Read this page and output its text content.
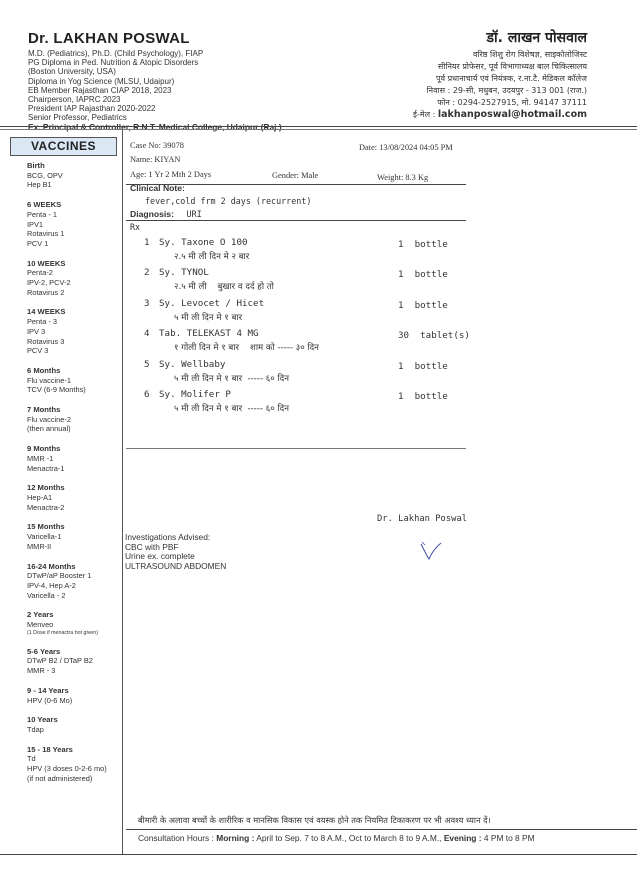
Dr. LAKHAN POSWAL
M.D. (Pediatrics), Ph.D. (Child Psychology), FIAP
PG Diploma in Ped. Nutrition & Atopic Disorders
(Boston University, USA)
Diploma in Yog Science (MLSU, Udaipur)
EB Member Rajasthan CIAP 2018, 2023
Chairperson, IAPRC 2023
President IAP Rajasthan 2020-2022
Senior Professor, Pediatrics
डॉ. लाखन पोसवाल
वरिष्ठ शिशु रोग विशेषज्ञ, साइकोलोजिस्ट
सीनियर प्रोफेसर, पूर्व विभागाध्यक्ष बाल चिकित्सालय
पूर्व प्रधानाचार्य एवं नियंत्रक, र.ना.टै. मेडिकल कॉलेज
निवास : 29-सी, मधुबन, उदयपुर - 313 001 (राज.)
फोन : 0294-2527915, मो. 94147 37111
ई-मेल : lakhanposwal@hotmail.com
VACCINES
Birth
BCG, OPV
Hep B1
6 WEEKS
Penta - 1
IPV1
Rotavirus 1
PCV 1
10 WEEKS
Penta-2
IPV-2, PCV-2
Rotavirus 2
14 WEEKS
Penta - 3
IPV 3
Rotavirus 3
PCV 3
6 Months
Flu vaccine-1
TCV (6-9 Months)
7 Months
Flu vaccine-2
(then annual)
9 Months
MMR -1
Menactra-1
12 Months
Hep-A1
Menactra-2
15 Months
Varicella-1
MMR-II
16-24 Months
DTwP/aP Booster 1
IPV-4, Hep A-2
Varicella - 2
2 Years
Menveo
(1 Dose if menactra hot given)
5-6 Years
DTwP B2 / DTaP B2
MMR - 3
9 - 14 Years
HPV (0-6 Mo)
10 Years
Tdap
15 - 18 Years
Td
HPV (3 doses 0-2-6 mo)
(if not administered)
Case No: 39078	Date: 13/08/2024 04:05 PM
Name: KIYAN
Age: 1 Yr 2 Mth 2 Days	Gender: Male	Weight: 8.3 Kg
Clinical Note:
fever,cold frm 2 days (recurrent)
Diagnosis: URI
Rx
1 Sy. Taxone O 100
२.५ मी ली दिन मे २ बार
1  bottle
2 Sy. TYNOL
२.५ मी ली    बुखार व दर्द हो तो
1  bottle
3 Sy. Levocet / Hicet
५ मी ली दिन मे १ बार
1  bottle
4 Tab. TELEKAST 4 MG
१ गोली दिन मे १ बार    शाम को ----- ३० दिन
30  tablet(s)
5 Sy. Wellbaby
५ मी ली दिन मे १ बार  ----- ६० दिन
1  bottle
6 Sy. Molifer P
५ मी ली दिन मे १ बार  ----- ६० दिन
1  bottle
Dr. Lakhan Poswal
Investigations Advised:
CBC with PBF
Urine ex. complete
ULTRASOUND ABDOMEN
बीमारी के अलावा बच्चों के शारीरिक व मानसिक विकास एवं वयस्क होने तक नियमित टिकाकरण पर भी अवश्य ध्यान दें।
Consultation Hours : Morning : April to Sep. 7 to 8 A.M., Oct to March 8 to 9 A.M., Evening : 4 PM to 8 PM
